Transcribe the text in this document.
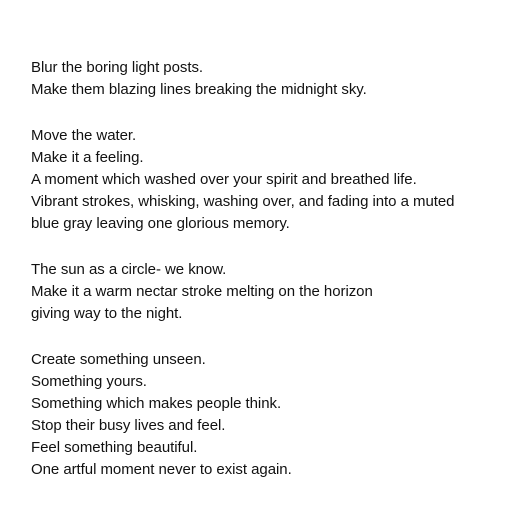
Blur the boring light posts.
Make them blazing lines breaking the midnight sky.
Move the water.
Make it a feeling.
A moment which washed over your spirit and breathed life.
Vibrant strokes, whisking, washing over, and fading into a muted
blue gray leaving one glorious memory.
The sun as a circle- we know.
Make it a warm nectar stroke melting on the horizon
giving way to the night.
Create something unseen.
Something yours.
Something which makes people think.
Stop their busy lives and feel.
Feel something beautiful.
One artful moment never to exist again.
